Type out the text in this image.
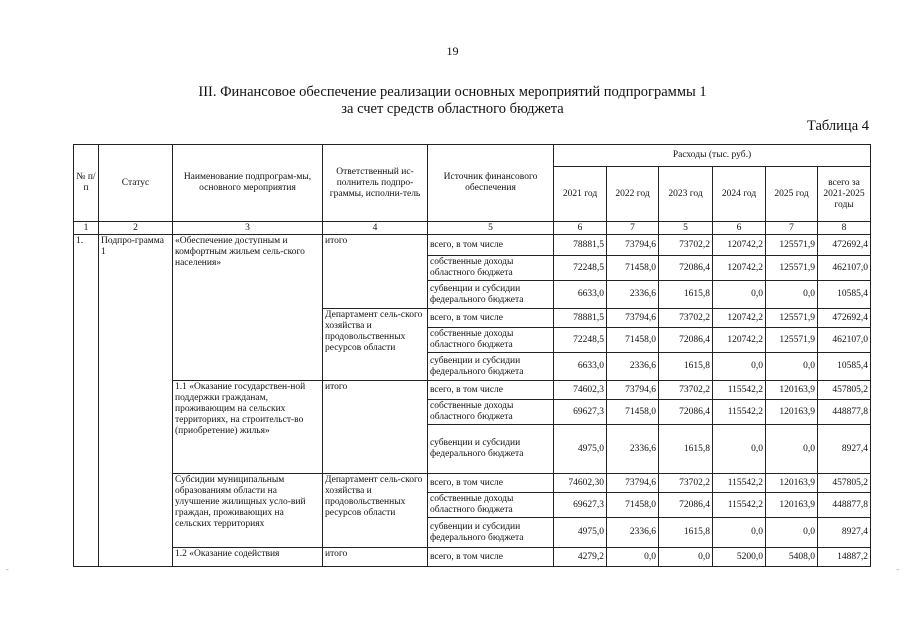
19
III. Финансовое обеспечение реализации основных мероприятий подпрограммы 1
за счет средств областного бюджета
Таблица 4
№ п/п	Статус	Наименование подпрограм-мы, основного мероприятия	Ответственный ис-полнитель подпро-граммы, исполни-тель	Источник финансового обеспечения	Расходы (тыс. руб.)					
					2021 год	2022 год	2023 год	2024 год	2025 год	всего за 2021-2025 годы
1	2	3	4	5	6	7	5	6	7	8
1.	Подпро-грамма 1	«Обеспечение доступным и комфортным жильем сель-ского населения»	итого	всего, в том числе	78881,5	73794,6	73702,2	120742,2	125571,9	472692,4
				собственные доходы областного бюджета	72248,5	71458,0	72086,4	120742,2	125571,9	462107,0
				субвенции и субсидии федерального бюджета	6633,0	2336,6	1615,8	0,0	0,0	10585,4
			Департамент сель-ского хозяйства и продовольственных ресурсов области	всего, в том числе	78881,5	73794,6	73702,2	120742,2	125571,9	472692,4
				собственные доходы областного бюджета	72248,5	71458,0	72086,4	120742,2	125571,9	462107,0
				субвенции и субсидии федерального бюджета	6633,0	2336,6	1615,8	0,0	0,0	10585,4
		1.1 «Оказание государствен-ной поддержки гражданам, проживающим на сельских территориях, на строительст-во (приобретение) жилья»	итого	всего, в том числе	74602,3	73794,6	73702,2	115542,2	120163,9	457805,2
				собственные доходы областного бюджета	69627,3	71458,0	72086,4	115542,2	120163,9	448877,8
				субвенции и субсидии федерального бюджета	4975,0	2336,6	1615,8	0,0	0,0	8927,4
		Субсидии муниципальным образованиям области на улучшение жилищных усло-вий граждан, проживающих на сельских территориях	Департамент сель-ского хозяйства и продовольственных ресурсов области	всего, в том числе	74602,30	73794,6	73702,2	115542,2	120163,9	457805,2
				собственные доходы областного бюджета	69627,3	71458,0	72086,4	115542,2	120163,9	448877,8
				субвенции и субсидии федерального бюджета	4975,0	2336,6	1615,8	0,0	0,0	8927,4
		1.2 «Оказание содействия	итого	всего, в том числе	4279,2	0,0	0,0	5200,0	5408,0	14887,2
-	-
